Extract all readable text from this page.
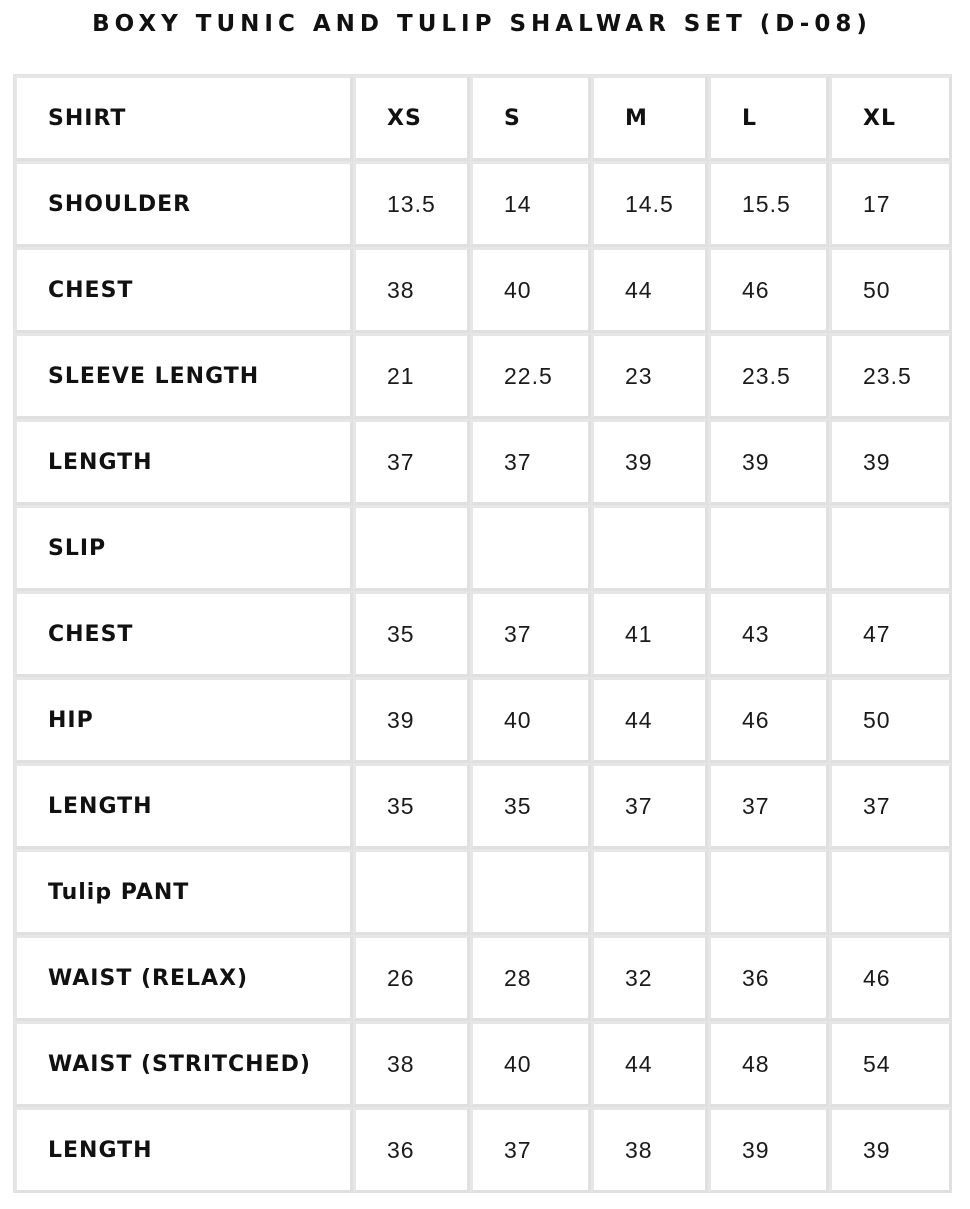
BOXY TUNIC AND TULIP SHALWAR SET (D-08)
SHIRT	XS	S	M	L	XL
SHOULDER	13.5	14	14.5	15.5	17
CHEST	38	40	44	46	50
SLEEVE LENGTH	21	22.5	23	23.5	23.5
LENGTH	37	37	39	39	39
SLIP					
CHEST	35	37	41	43	47
HIP	39	40	44	46	50
LENGTH	35	35	37	37	37
Tulip PANT					
WAIST (RELAX)	26	28	32	36	46
WAIST (STRITCHED)	38	40	44	48	54
LENGTH	36	37	38	39	39
